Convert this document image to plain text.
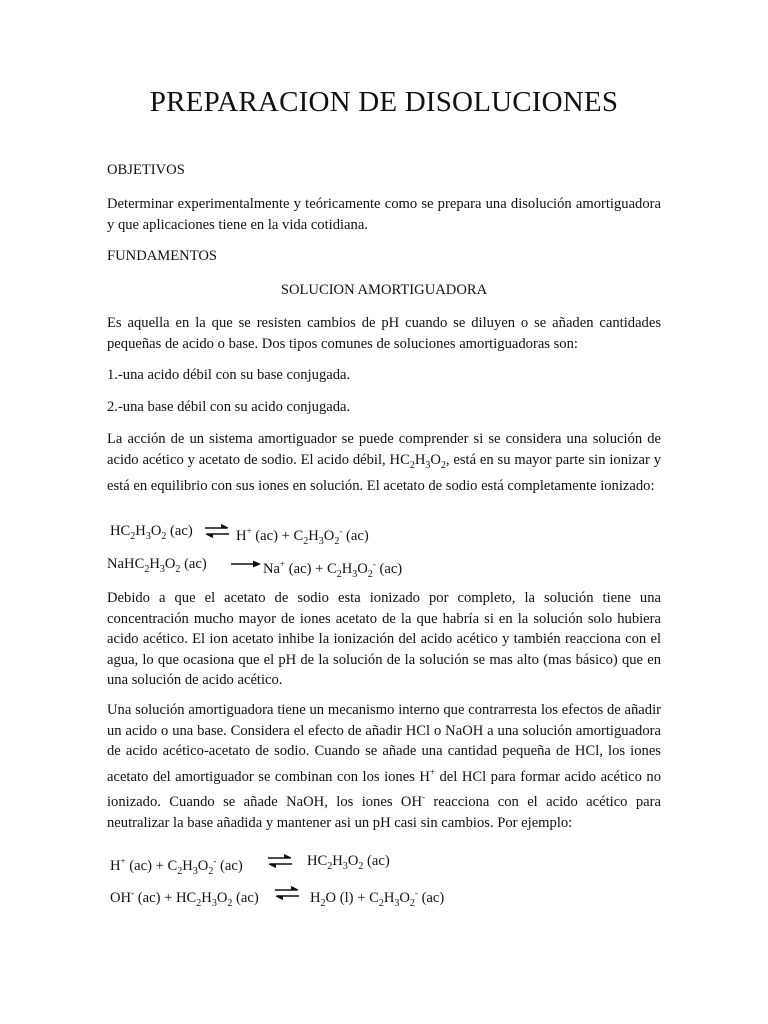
PREPARACION DE DISOLUCIONES
OBJETIVOS
Determinar experimentalmente y teóricamente como se prepara una disolución amortiguadora y que aplicaciones tiene en la vida cotidiana.
FUNDAMENTOS
SOLUCION AMORTIGUADORA
Es aquella en la que se resisten cambios de pH cuando se diluyen o se añaden cantidades pequeñas de acido o base. Dos tipos comunes de soluciones amortiguadoras son:
1.-una acido débil con su base conjugada.
2.-una base débil con su acido conjugada.
La acción de un sistema amortiguador se puede comprender si se considera una solución de acido acético y acetato de sodio. El acido débil, $HC_2H_3O_2$, está en su mayor parte sin ionizar y está en equilibrio con sus iones en solución. El acetato de sodio está completamente ionizado:
$HC_2H_3O_2$ (ac) ⇌ H+ $(ac) + C_2H_3O_2^-$ (ac)
$NaHC_2H_3O_2$ (ac)	Na+ $(ac) + C_2H_3O_2^-$ (ac)
Debido a que el acetato de sodio esta ionizado por completo, la solución tiene una concentración mucho mayor de iones acetato de la que habría si en la solución solo hubiera acido acético. El ion acetato inhibe la ionización del acido acético y también reacciona con el agua, lo que ocasiona que el pH de la solución de la solución se mas alto (mas básico) que en una solución de acido acético.
Una solución amortiguadora tiene un mecanismo interno que contrarresta los efectos de añadir un acido o una base. Considera el efecto de añadir HCl o NaOH a una solución amortiguadora de acido acético-acetato de sodio. Cuando se añade una cantidad pequeña de HCl, los iones acetato del amortiguador se combinan con los iones H+ del HCl para formar acido acético no ionizado. Cuando se añade NaOH, los iones OH- reacciona con el acido acético para neutralizar la base añadida y mantener asi un pH casi sin cambios. Por ejemplo:
H+ $(ac) + C_2H_3O_2^-$ (ac) ⇌ $HC_2H_3O_2$ (ac)
OH- $(ac) + HC_2H_3O_2$ (ac) ⇌ $H_2O$ $(l) + C_2H_3O_2^-$ (ac)
